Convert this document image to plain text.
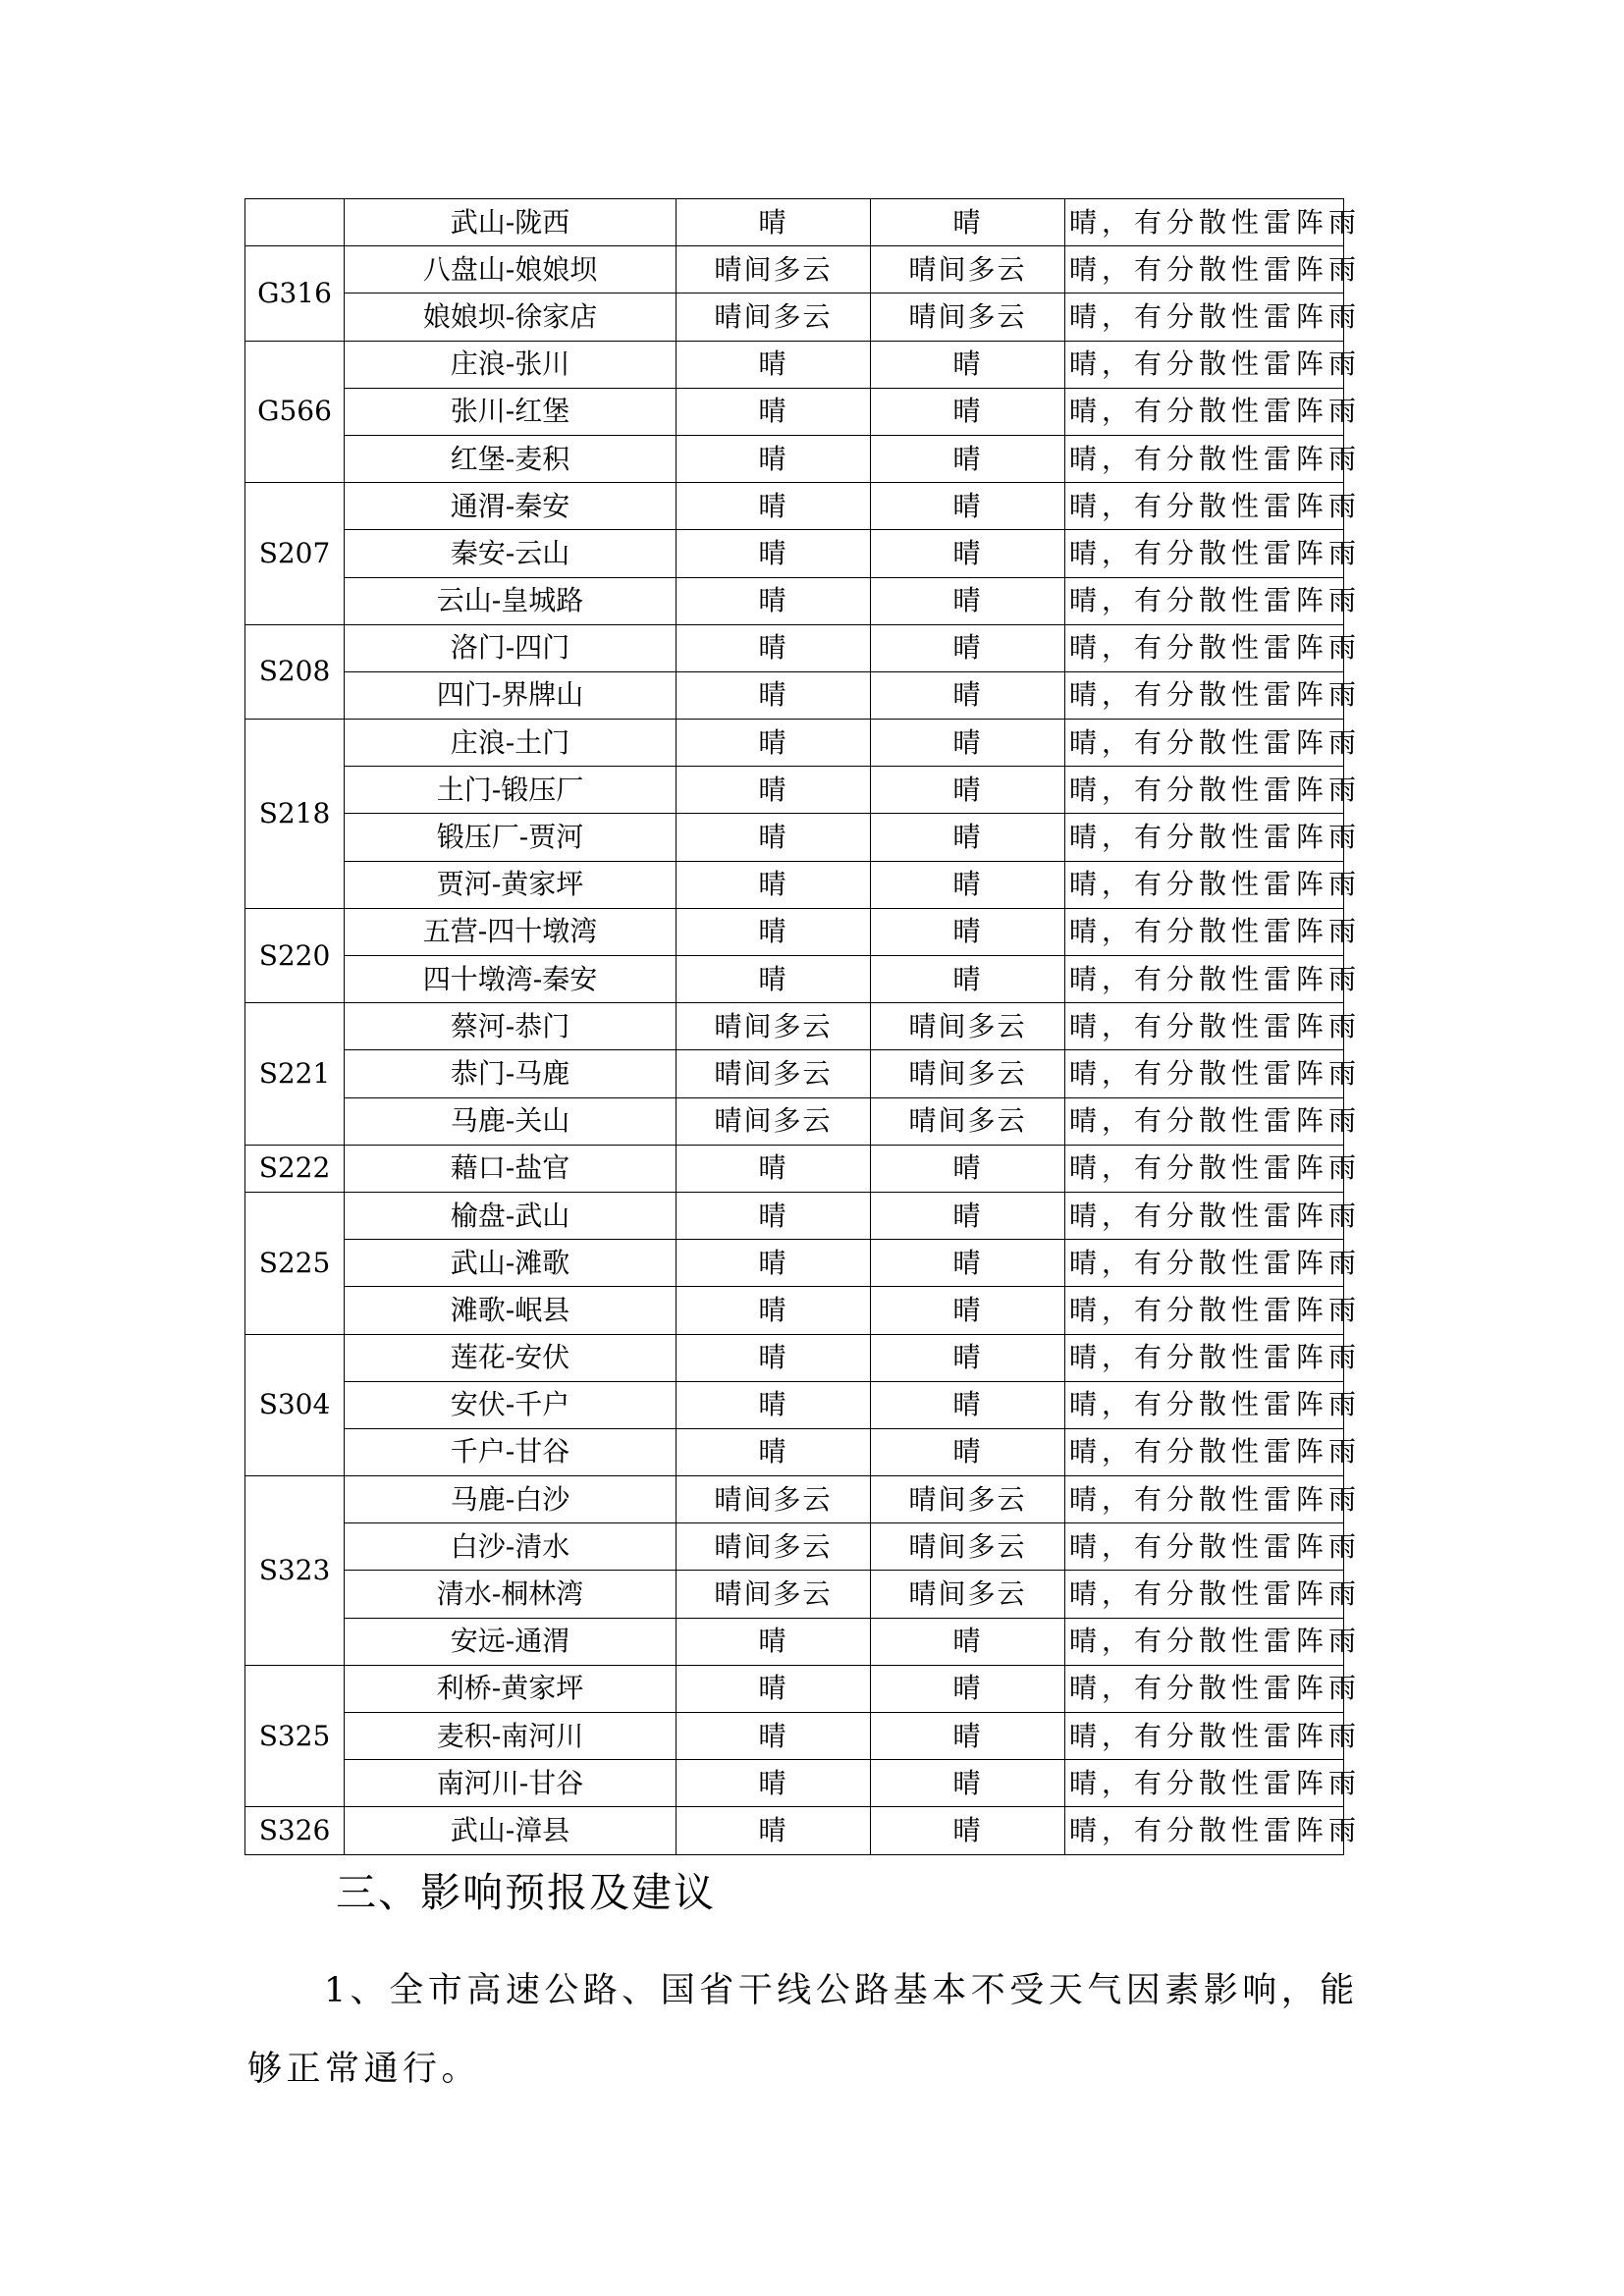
	武山-陇西	晴	晴	晴，有分散性雷阵雨
G316	八盘山-娘娘坝	晴间多云	晴间多云	晴，有分散性雷阵雨
	娘娘坝-徐家店	晴间多云	晴间多云	晴，有分散性雷阵雨
G566	庄浪-张川	晴	晴	晴，有分散性雷阵雨
	张川-红堡	晴	晴	晴，有分散性雷阵雨
	红堡-麦积	晴	晴	晴，有分散性雷阵雨
S207	通渭-秦安	晴	晴	晴，有分散性雷阵雨
	秦安-云山	晴	晴	晴，有分散性雷阵雨
	云山-皇城路	晴	晴	晴，有分散性雷阵雨
S208	洛门-四门	晴	晴	晴，有分散性雷阵雨
	四门-界牌山	晴	晴	晴，有分散性雷阵雨
S218	庄浪-土门	晴	晴	晴，有分散性雷阵雨
	土门-锻压厂	晴	晴	晴，有分散性雷阵雨
	锻压厂-贾河	晴	晴	晴，有分散性雷阵雨
	贾河-黄家坪	晴	晴	晴，有分散性雷阵雨
S220	五营-四十墩湾	晴	晴	晴，有分散性雷阵雨
	四十墩湾-秦安	晴	晴	晴，有分散性雷阵雨
S221	蔡河-恭门	晴间多云	晴间多云	晴，有分散性雷阵雨
	恭门-马鹿	晴间多云	晴间多云	晴，有分散性雷阵雨
	马鹿-关山	晴间多云	晴间多云	晴，有分散性雷阵雨
S222	藉口-盐官	晴	晴	晴，有分散性雷阵雨
S225	榆盘-武山	晴	晴	晴，有分散性雷阵雨
	武山-滩歌	晴	晴	晴，有分散性雷阵雨
	滩歌-岷县	晴	晴	晴，有分散性雷阵雨
S304	莲花-安伏	晴	晴	晴，有分散性雷阵雨
	安伏-千户	晴	晴	晴，有分散性雷阵雨
	千户-甘谷	晴	晴	晴，有分散性雷阵雨
S323	马鹿-白沙	晴间多云	晴间多云	晴，有分散性雷阵雨
	白沙-清水	晴间多云	晴间多云	晴，有分散性雷阵雨
	清水-桐林湾	晴间多云	晴间多云	晴，有分散性雷阵雨
	安远-通渭	晴	晴	晴，有分散性雷阵雨
S325	利桥-黄家坪	晴	晴	晴，有分散性雷阵雨
	麦积-南河川	晴	晴	晴，有分散性雷阵雨
	南河川-甘谷	晴	晴	晴，有分散性雷阵雨
S326	武山-漳县	晴	晴	晴，有分散性雷阵雨
三、影响预报及建议

1、全市高速公路、国省干线公路基本不受天气因素影响，能够正常通行。
